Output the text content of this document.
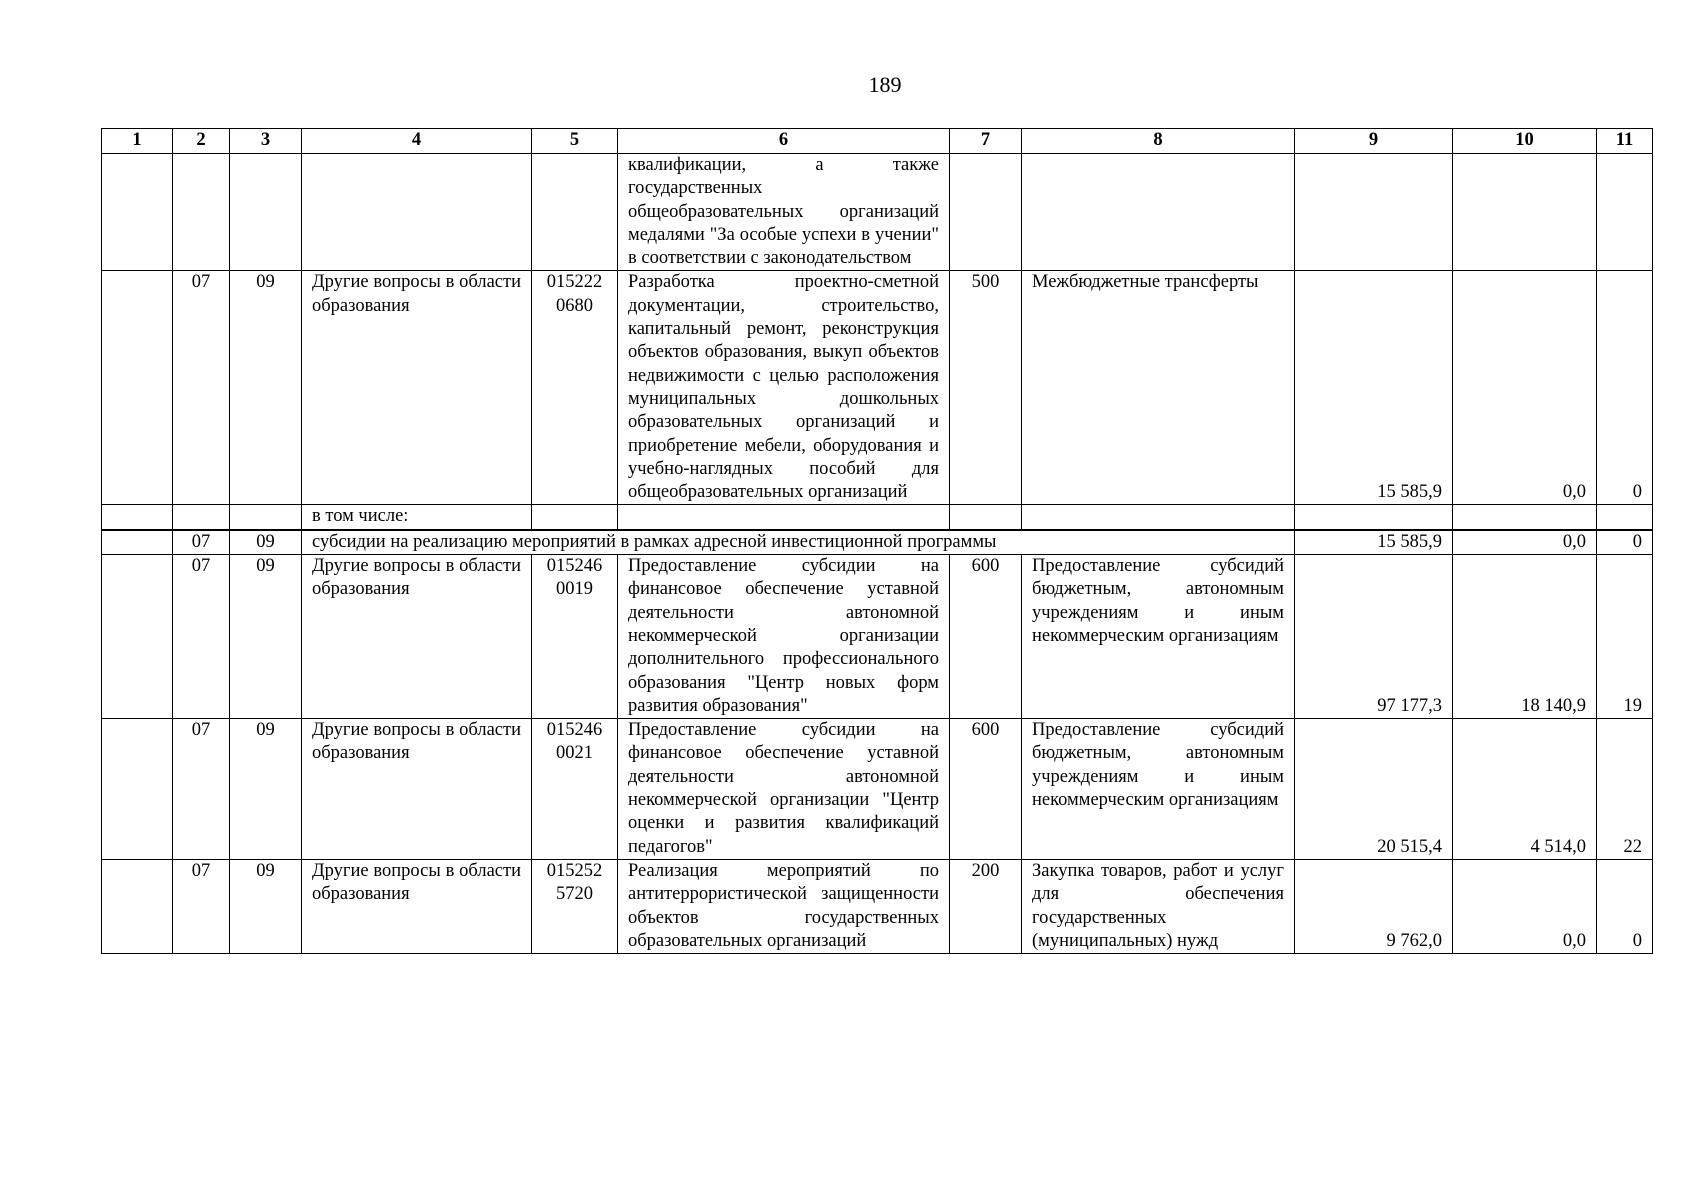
189
1	2	3	4	5	6	7	8	9	10	11
					квалификации, а также государственных общеобразовательных организаций медалями "За особые успехи в учении" в соответствии с законодательством					
	07	09	Другие вопросы в области образования	015222 0680	Разработка проектно-сметной документации, строительство, капитальный ремонт, реконструкция объектов образования, выкуп объектов недвижимости с целью расположения муниципальных дошкольных образовательных организаций и приобретение мебели, оборудования и учебно-наглядных пособий для общеобразовательных организаций	500	Межбюджетные трансферты	15 585,9	0,0	0
			в том числе:							
	07	09	субсидии на реализацию мероприятий в рамках адресной инвестиционной программы					15 585,9	0,0	0
	07	09	Другие вопросы в области образования	015246 0019	Предоставление субсидии на финансовое обеспечение уставной деятельности автономной некоммерческой организации дополнительного профессионального образования "Центр новых форм развития образования"	600	Предоставление субсидий бюджетным, автономным учреждениям и иным некоммерческим организациям	97 177,3	18 140,9	19
	07	09	Другие вопросы в области образования	015246 0021	Предоставление субсидии на финансовое обеспечение уставной деятельности автономной некоммерческой организации "Центр оценки и развития квалификаций педагогов"	600	Предоставление субсидий бюджетным, автономным учреждениям и иным некоммерческим организациям	20 515,4	4 514,0	22
	07	09	Другие вопросы в области образования	015252 5720	Реализация мероприятий по антитеррористической защищенности объектов государственных образовательных организаций	200	Закупка товаров, работ и услуг для обеспечения государственных (муниципальных) нужд	9 762,0	0,0	0
